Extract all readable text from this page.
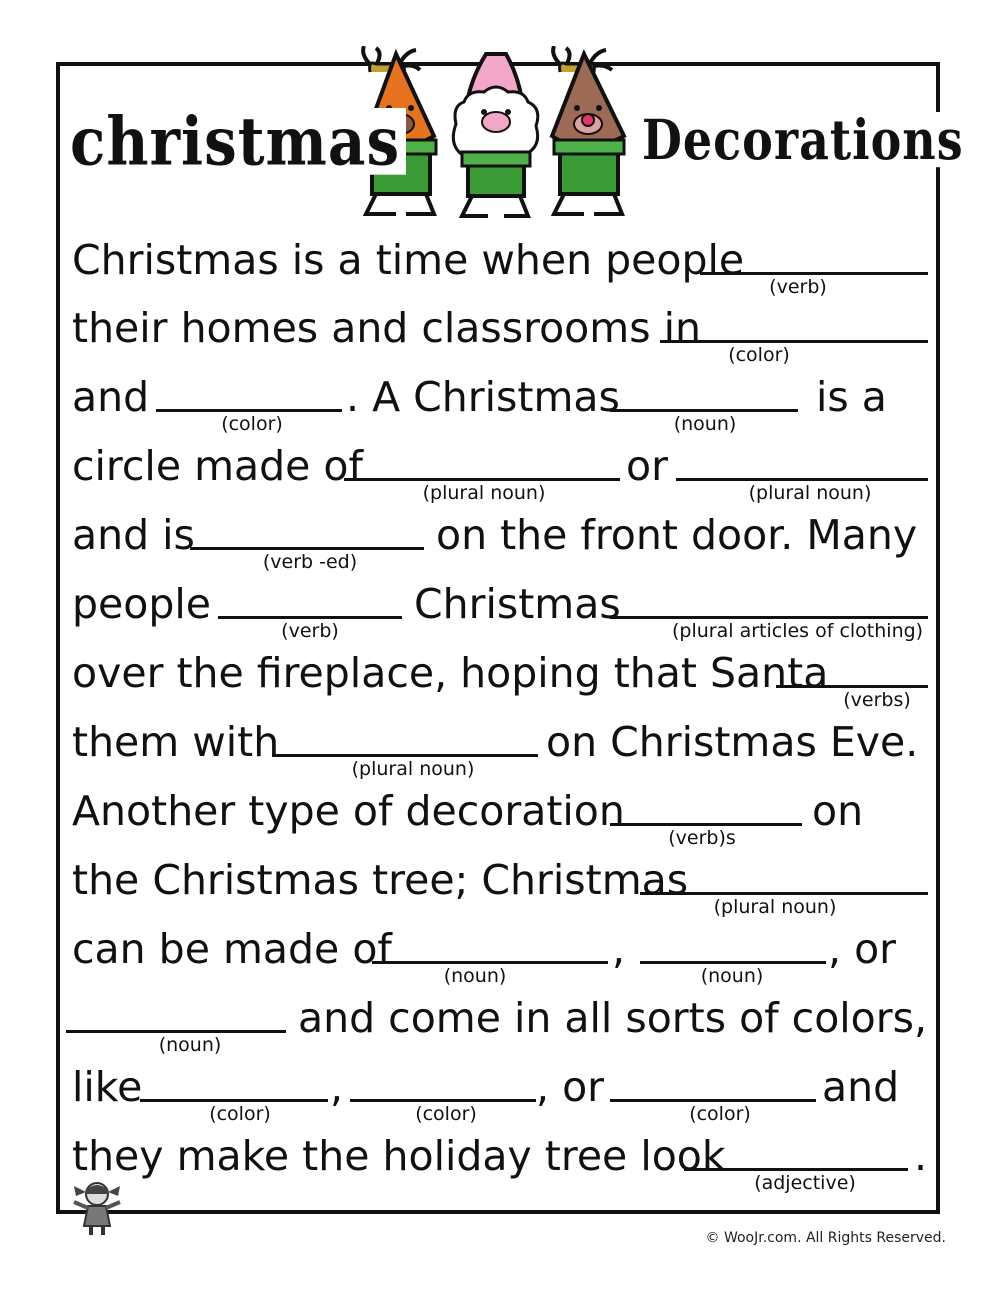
christmas	Decorations
Christmas is a time when people
(verb)
their homes and classrooms in
(color)
and
(color)
. A Christmas
(noun)
is a
circle made of
(plural noun)
or
(plural noun)
and is
(verb -ed)
on the front door. Many
people
(verb)
Christmas
(plural articles of clothing)
over the fireplace, hoping that Santa
(verbs)
them with
(plural noun)
on Christmas Eve.
Another type of decoration
(verb)s
on
the Christmas tree; Christmas
(plural noun)
can be made of
(noun)
,
(noun)
, or
(noun)
and come in all sorts of colors,
like
(color)
,
(color)
, or
(color)
and
they make the holiday tree look
(adjective)
.
© WooJr.com. All Rights Reserved.
